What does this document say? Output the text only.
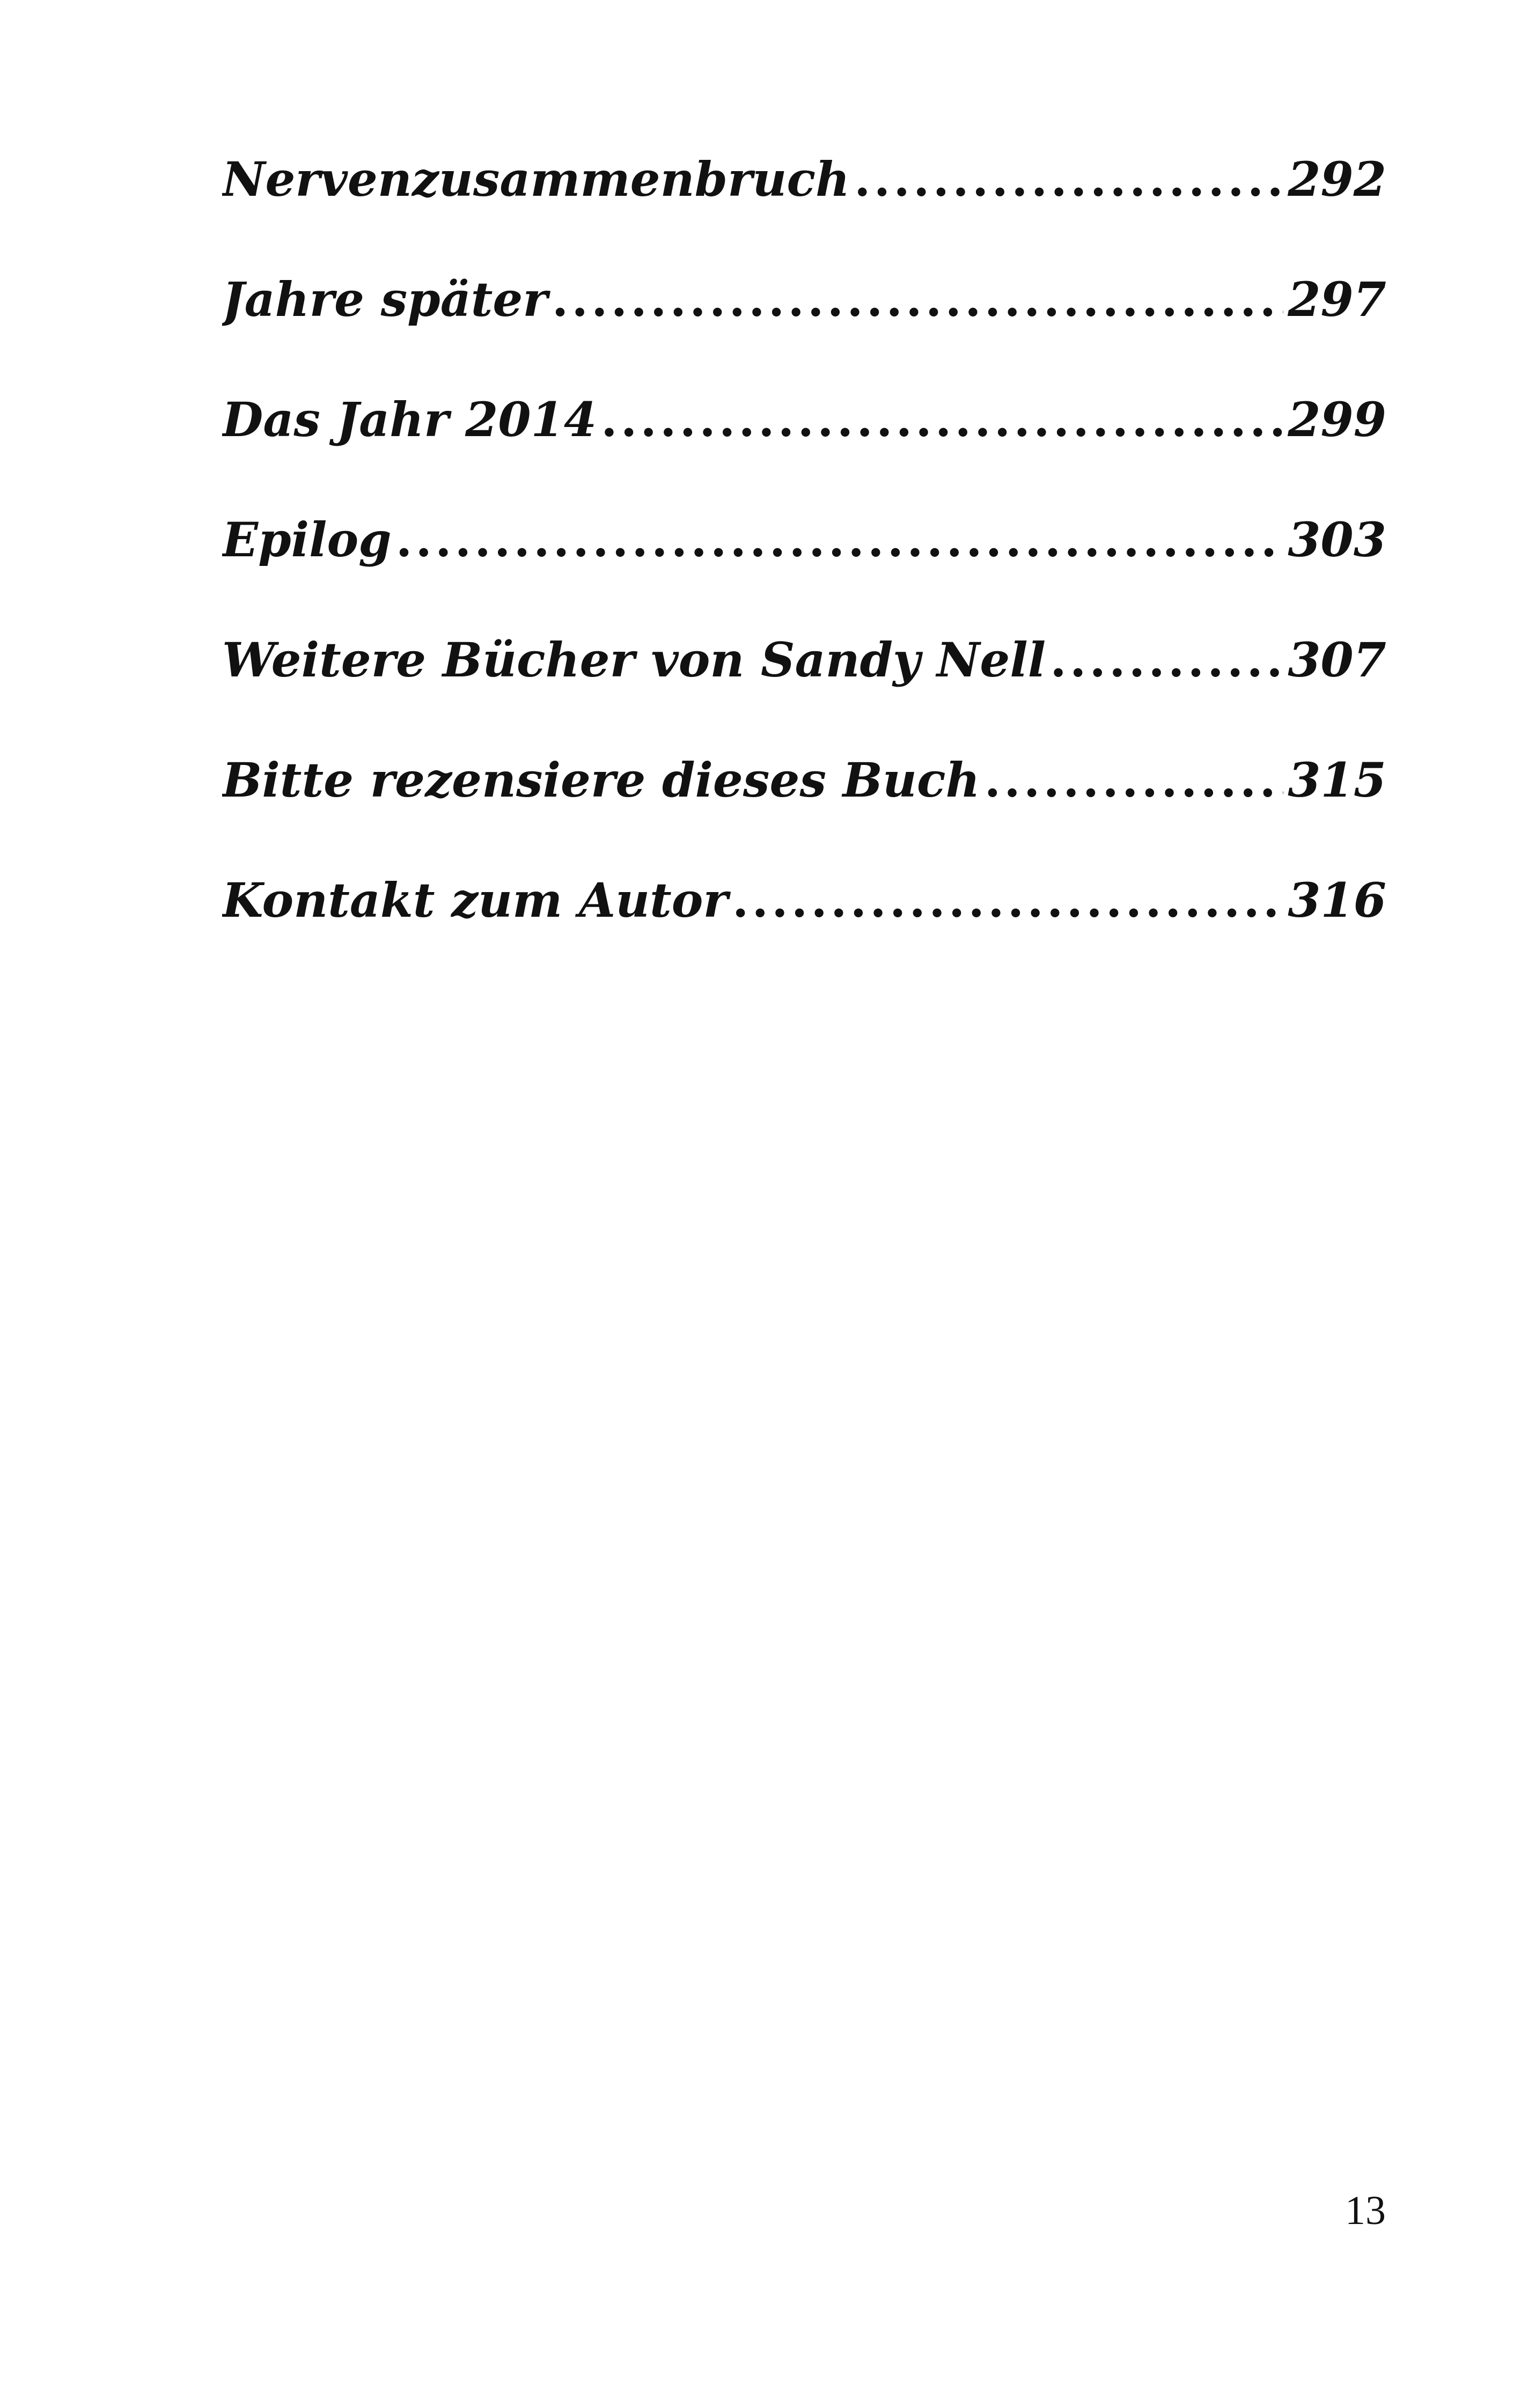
Nervenzusammenbruch .....	292
Jahre später .....	297
Das Jahr 2014 .....	299
Epilog .....	303
Weitere Bücher von Sandy Nell .....	307
Bitte rezensiere dieses Buch .....	315
Kontakt zum Autor .....	316
13
